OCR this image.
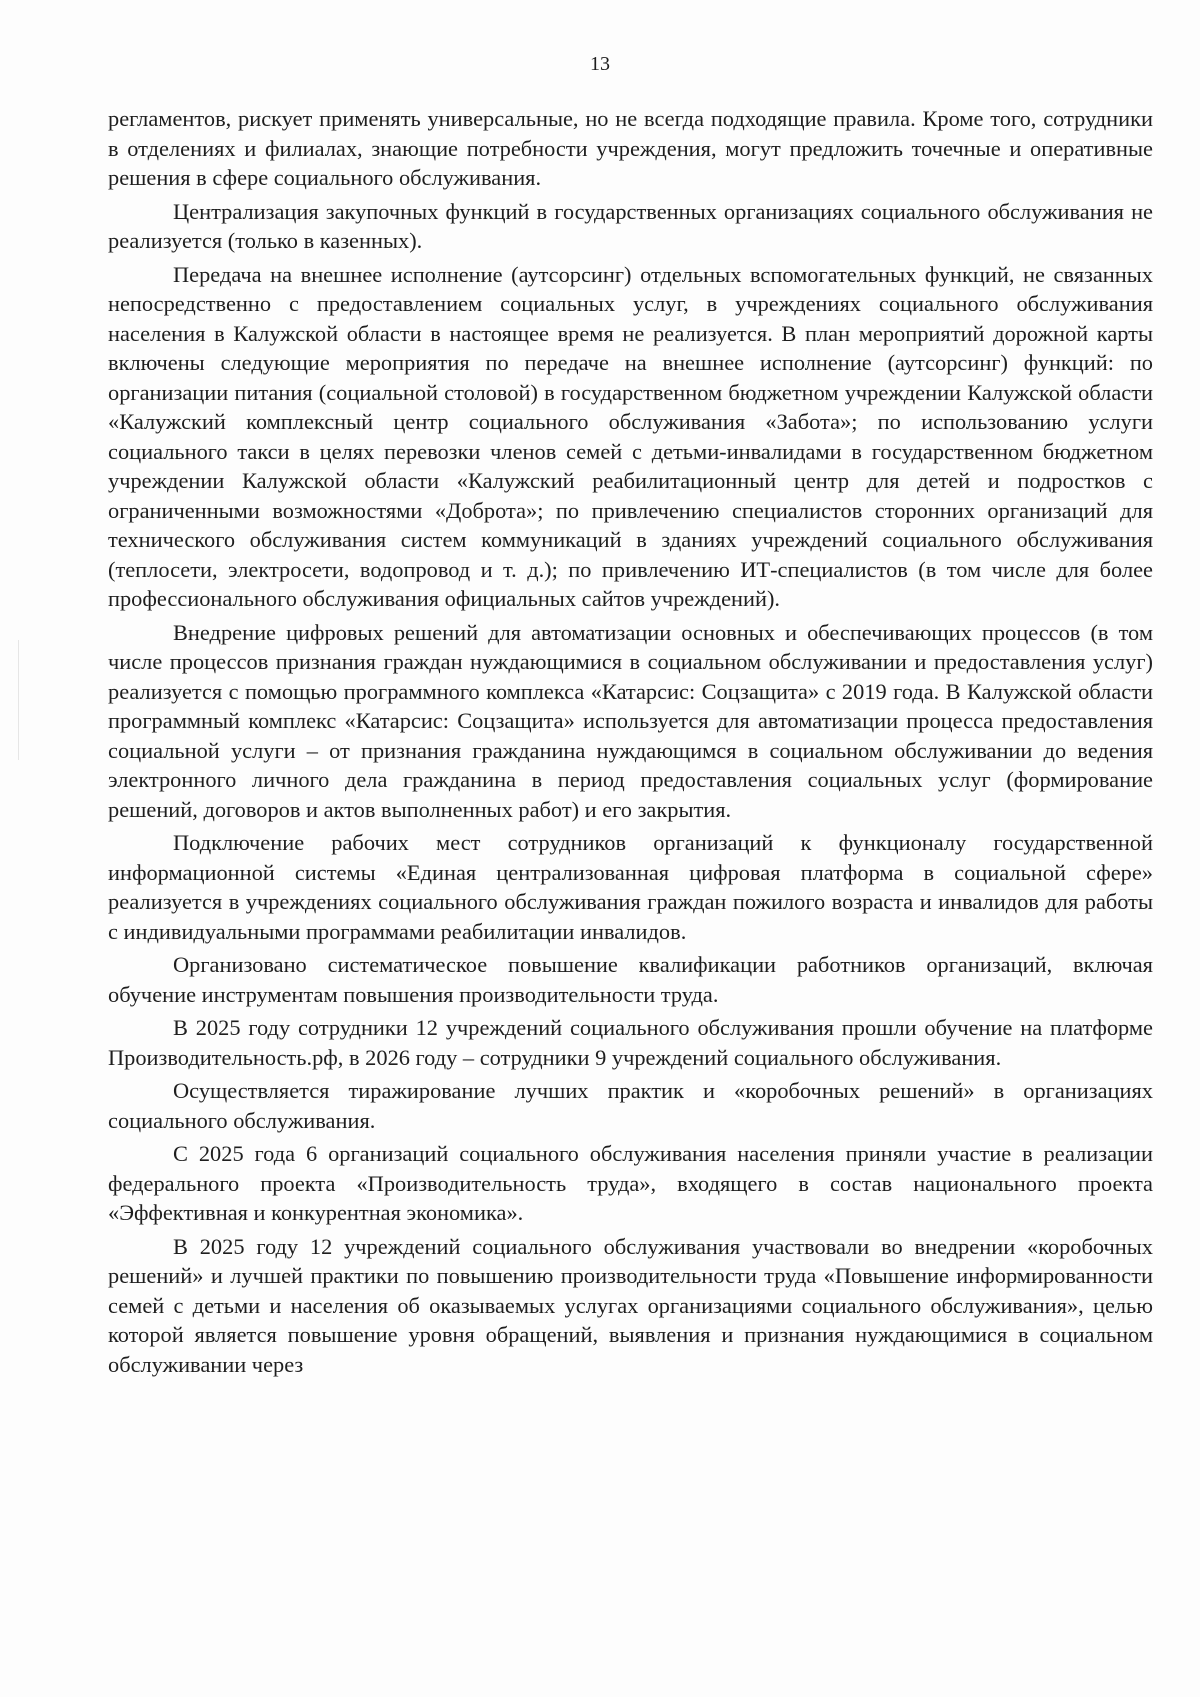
13

регламентов, рискует применять универсальные, но не всегда подходящие правила. Кроме того, сотрудники в отделениях и филиалах, знающие потребности учреждения, могут предложить точечные и оперативные решения в сфере социального обслуживания.

Централизация закупочных функций в государственных организациях социального обслуживания не реализуется (только в казенных).

Передача на внешнее исполнение (аутсорсинг) отдельных вспомогательных функций, не связанных непосредственно с предоставлением социальных услуг, в учреждениях социального обслуживания населения в Калужской области в настоящее время не реализуется. В план мероприятий дорожной карты включены следующие мероприятия по передаче на внешнее исполнение (аутсорсинг) функций: по организации питания (социальной столовой) в государственном бюджетном учреждении Калужской области «Калужский комплексный центр социального обслуживания «Забота»; по использованию услуги социального такси в целях перевозки членов семей с детьми-инвалидами в государственном бюджетном учреждении Калужской области «Калужский реабилитационный центр для детей и подростков с ограниченными возможностями «Доброта»; по привлечению специалистов сторонних организаций для технического обслуживания систем коммуникаций в зданиях учреждений социального обслуживания (теплосети, электросети, водопровод и т. д.); по привлечению ИТ-специалистов (в том числе для более профессионального обслуживания официальных сайтов учреждений).

Внедрение цифровых решений для автоматизации основных и обеспечивающих процессов (в том числе процессов признания граждан нуждающимися в социальном обслуживании и предоставления услуг) реализуется с помощью программного комплекса «Катарсис: Соцзащита» с 2019 года. В Калужской области программный комплекс «Катарсис: Соцзащита» используется для автоматизации процесса предоставления социальной услуги – от признания гражданина нуждающимся в социальном обслуживании до ведения электронного личного дела гражданина в период предоставления социальных услуг (формирование решений, договоров и актов выполненных работ) и его закрытия.

Подключение рабочих мест сотрудников организаций к функционалу государственной информационной системы «Единая централизованная цифровая платформа в социальной сфере» реализуется в учреждениях социального обслуживания граждан пожилого возраста и инвалидов для работы с индивидуальными программами реабилитации инвалидов.

Организовано систематическое повышение квалификации работников организаций, включая обучение инструментам повышения производительности труда.

В 2025 году сотрудники 12 учреждений социального обслуживания прошли обучение на платформе Производительность.рф, в 2026 году – сотрудники 9 учреждений социального обслуживания.

Осуществляется тиражирование лучших практик и «коробочных решений» в организациях социального обслуживания.

С 2025 года 6 организаций социального обслуживания населения приняли участие в реализации федерального проекта «Производительность труда», входящего в состав национального проекта «Эффективная и конкурентная экономика».

В 2025 году 12 учреждений социального обслуживания участвовали во внедрении «коробочных решений» и лучшей практики по повышению производительности труда «Повышение информированности семей с детьми и населения об оказываемых услугах организациями социального обслуживания», целью которой является повышение уровня обращений, выявления и признания нуждающимися в социальном обслуживании через
